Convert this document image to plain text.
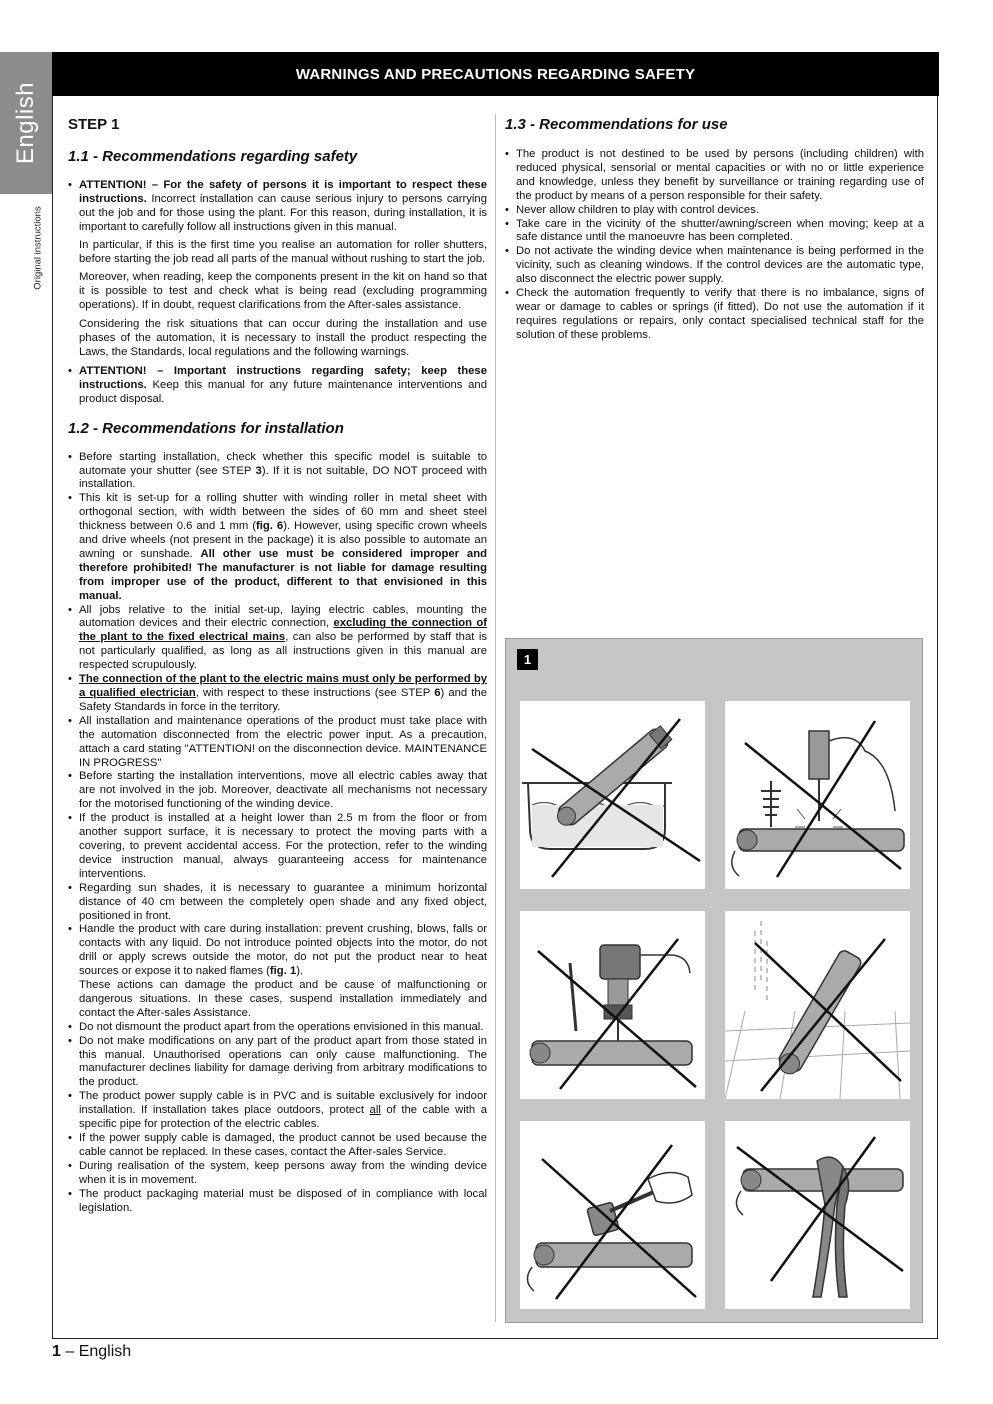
English
Original instructions
WARNINGS AND PRECAUTIONS REGARDING SAFETY
STEP 1
1.1 - Recommendations regarding safety
• ATTENTION! – For the safety of persons it is important to respect these instructions. Incorrect installation can cause serious injury to persons carrying out the job and for those using the plant. For this reason, during installation, it is important to carefully follow all instructions given in this manual.

In particular, if this is the first time you realise an automation for roller shutters, before starting the job read all parts of the manual without rushing to start the job.

Moreover, when reading, keep the components present in the kit on hand so that it is possible to test and check what is being read (excluding programming operations). If in doubt, request clarifications from the After-sales assistance.

Considering the risk situations that can occur during the installation and use phases of the automation, it is necessary to install the product respecting the Laws, the Standards, local regulations and the following warnings.

• ATTENTION! – Important instructions regarding safety; keep these instructions. Keep this manual for any future maintenance interventions and product disposal.
1.2 - Recommendations for installation
• Before starting installation, check whether this specific model is suitable to automate your shutter (see STEP 3). If it is not suitable, DO NOT proceed with installation.
• This kit is set-up for a rolling shutter with winding roller in metal sheet with orthogonal section, with width between the sides of 60 mm and sheet steel thickness between 0.6 and 1 mm (fig. 6). However, using specific crown wheels and drive wheels (not present in the package) it is also possible to automate an awning or sunshade. All other use must be considered improper and therefore prohibited! The manufacturer is not liable for damage resulting from improper use of the product, different to that envisioned in this manual.
• All jobs relative to the initial set-up, laying electric cables, mounting the automation devices and their electric connection, excluding the connection of the plant to the fixed electrical mains, can also be performed by staff that is not particularly qualified, as long as all instructions given in this manual are respected scrupulously.
• The connection of the plant to the electric mains must only be performed by a qualified electrician, with respect to these instructions (see STEP 6) and the Safety Standards in force in the territory.
• All installation and maintenance operations of the product must take place with the automation disconnected from the electric power input. As a precaution, attach a card stating "ATTENTION! on the disconnection device. MAINTENANCE IN PROGRESS"
• Before starting the installation interventions, move all electric cables away that are not involved in the job. Moreover, deactivate all mechanisms not necessary for the motorised functioning of the winding device.
• If the product is installed at a height lower than 2.5 m from the floor or from another support surface, it is necessary to protect the moving parts with a covering, to prevent accidental access. For the protection, refer to the winding device instruction manual, always guaranteeing access for maintenance interventions.
• Regarding sun shades, it is necessary to guarantee a minimum horizontal distance of 40 cm between the completely open shade and any fixed object, positioned in front.
• Handle the product with care during installation: prevent crushing, blows, falls or contacts with any liquid. Do not introduce pointed objects into the motor, do not drill or apply screws outside the motor, do not put the product near to heat sources or expose it to naked flames (fig. 1).
These actions can damage the product and be cause of malfunctioning or dangerous situations. In these cases, suspend installation immediately and contact the After-sales Assistance.
• Do not dismount the product apart from the operations envisioned in this manual.
• Do not make modifications on any part of the product apart from those stated in this manual. Unauthorised operations can only cause malfunctioning. The manufacturer declines liability for damage deriving from arbitrary modifications to the product.
• The product power supply cable is in PVC and is suitable exclusively for indoor installation. If installation takes place outdoors, protect all of the cable with a specific pipe for protection of the electric cables.
• If the power supply cable is damaged, the product cannot be used because the cable cannot be replaced. In these cases, contact the After-sales Service.
• During realisation of the system, keep persons away from the winding device when it is in movement.
• The product packaging material must be disposed of in compliance with local legislation.
1.3 - Recommendations for use
• The product is not destined to be used by persons (including children) with reduced physical, sensorial or mental capacities or with no or little experience and knowledge, unless they benefit by surveillance or training regarding use of the product by means of a person responsible for their safety.
• Never allow children to play with control devices.
• Take care in the vicinity of the shutter/awning/screen when moving; keep at a safe distance until the manoeuvre has been completed.
• Do not activate the winding device when maintenance is being performed in the vicinity, such as cleaning windows. If the control devices are the automatic type, also disconnect the electric power supply.
• Check the automation frequently to verify that there is no imbalance, signs of wear or damage to cables or springs (if fitted). Do not use the automation if it requires regulations or repairs, only contact specialised technical staff for the solution of these problems.
1
1 – English
